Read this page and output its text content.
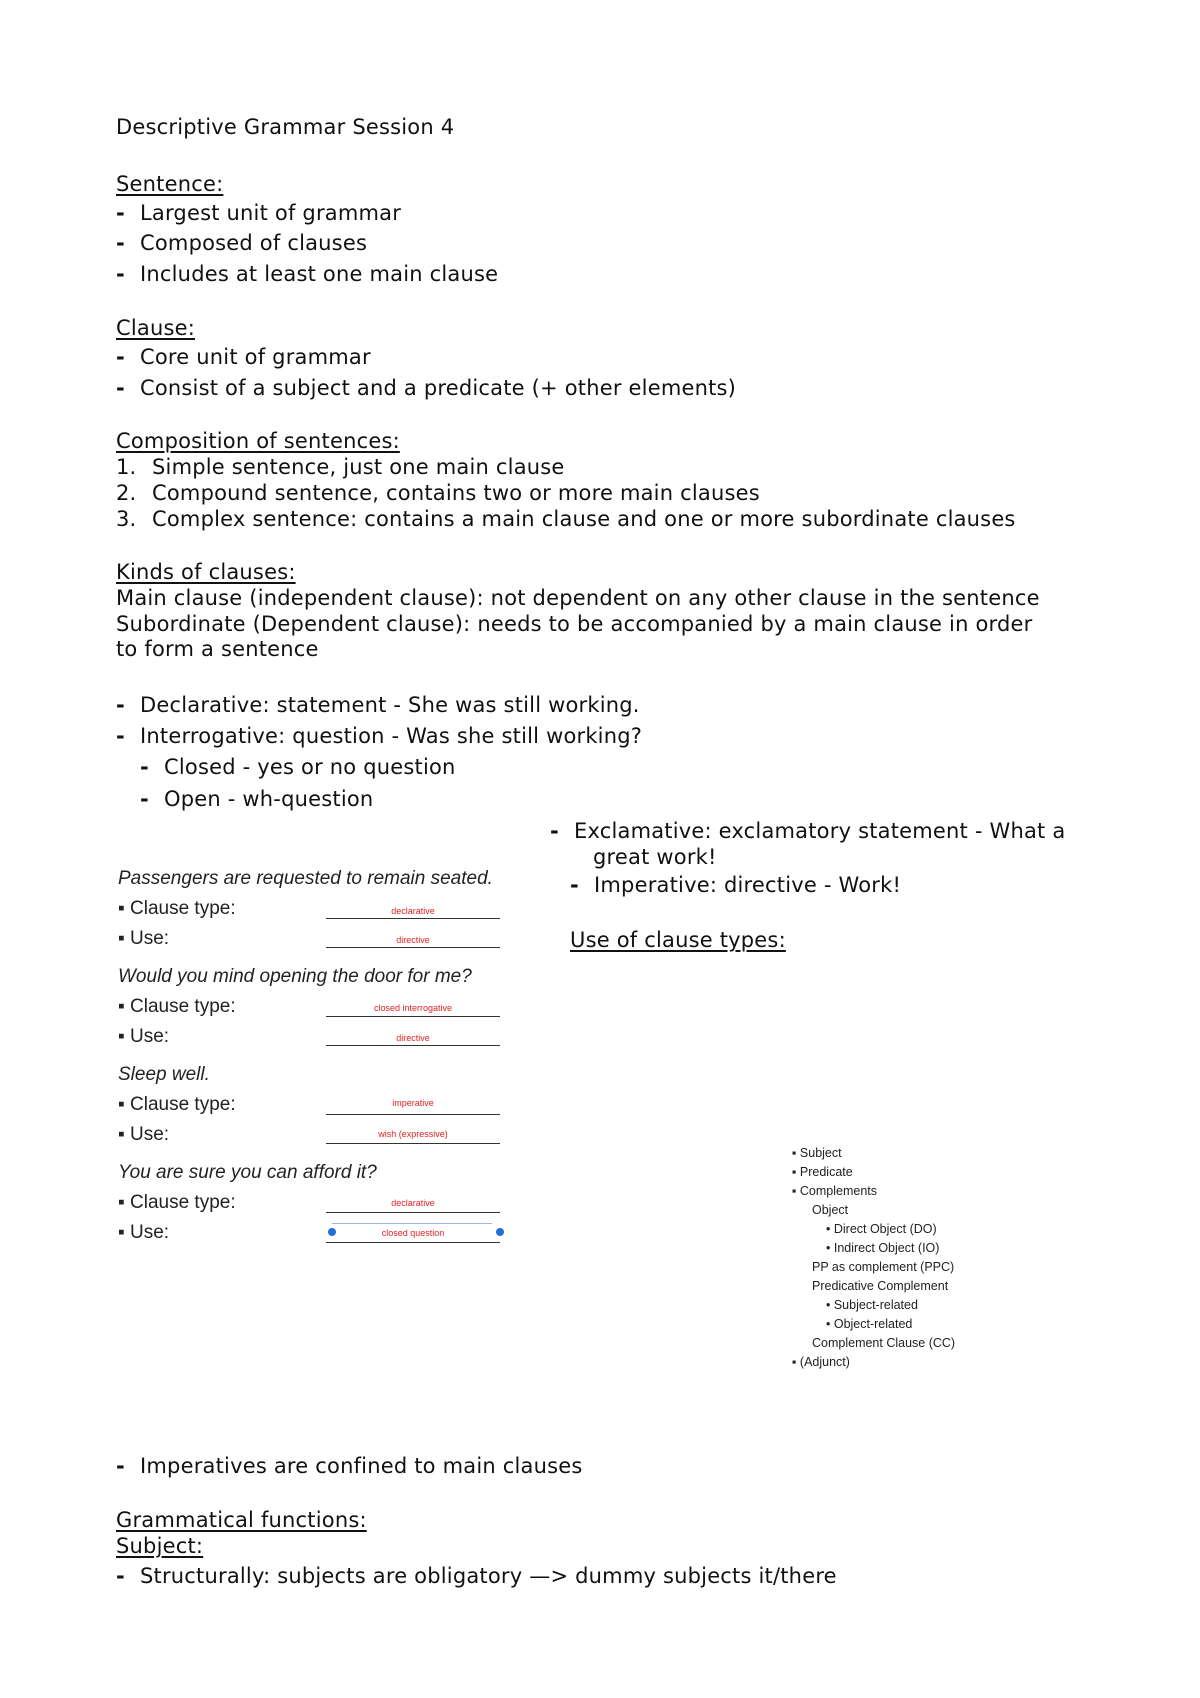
Descriptive Grammar Session 4
Sentence:
- Largest unit of grammar
- Composed of clauses
- Includes at least one main clause
Clause:
- Core unit of grammar
- Consist of a subject and a predicate (+ other elements)
Composition of sentences:
1. Simple sentence, just one main clause
2. Compound sentence, contains two or more main clauses
3. Complex sentence: contains a main clause and one or more subordinate clauses
Kinds of clauses:
Main clause (independent clause): not dependent on any other clause in the sentence
Subordinate (Dependent clause): needs to be accompanied by a main clause in order
to form a sentence
- Declarative: statement - She was still working.
- Interrogative: question - Was she still working?
- Closed - yes or no question
- Open - wh-question
- Exclamative: exclamatory statement - What a
great work!
- Imperative: directive - Work!
Use of clause types:
Passengers are requested to remain seated.
▪ Clause type:	declarative
▪ Use:	directive
Would you mind opening the door for me?
▪ Clause type:	closed interrogative
▪ Use:	directive
Sleep well.
▪ Clause type:	imperative
▪ Use:	wish (expressive)
You are sure you can afford it?
▪ Clause type:	declarative
▪ Use:	closed question
▪ Subject
▪ Predicate
▪ Complements
Object
• Direct Object (DO)
• Indirect Object (IO)
PP as complement (PPC)
Predicative Complement
• Subject-related
• Object-related
Complement Clause (CC)
▪ (Adjunct)
- Imperatives are confined to main clauses
Grammatical functions:
Subject:
- Structurally: subjects are obligatory —> dummy subjects it/there
